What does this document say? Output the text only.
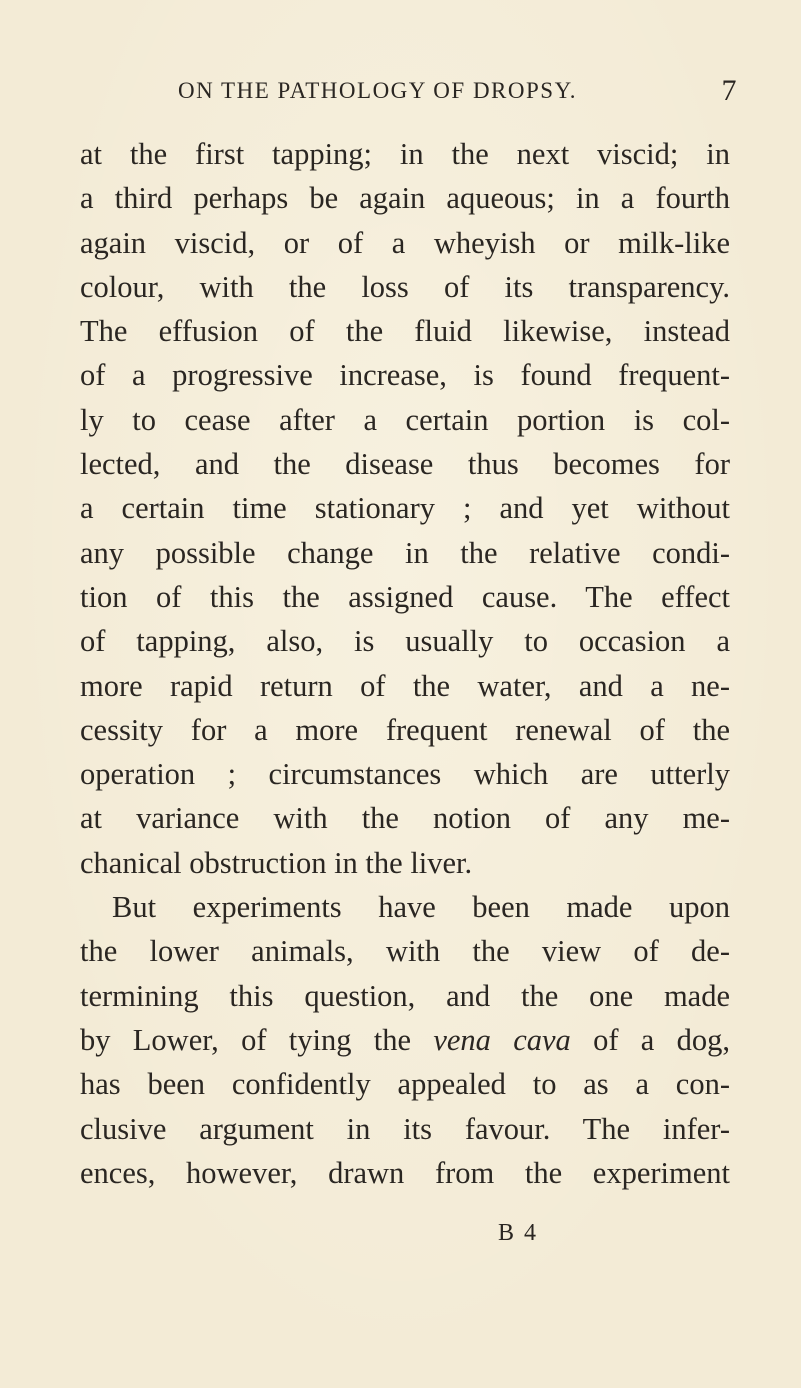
ON THE PATHOLOGY OF DROPSY.	7
at the first tapping; in the next viscid; in
a third perhaps be again aqueous; in a fourth
again viscid, or of a wheyish or milk-like
colour, with the loss of its transparency.
The effusion of the fluid likewise, instead
of a progressive increase, is found frequent-
ly to cease after a certain portion is col-
lected, and the disease thus becomes for
a certain time stationary ; and yet without
any possible change in the relative condi-
tion of this the assigned cause. The effect
of tapping, also, is usually to occasion a
more rapid return of the water, and a ne-
cessity for a more frequent renewal of the
operation ; circumstances which are utterly
at variance with the notion of any me-
chanical obstruction in the liver.
But experiments have been made upon
the lower animals, with the view of de-
termining this question, and the one made
by Lower, of tying the vena cava of a dog,
has been confidently appealed to as a con-
clusive argument in its favour. The infer-
ences, however, drawn from the experiment
B 4
